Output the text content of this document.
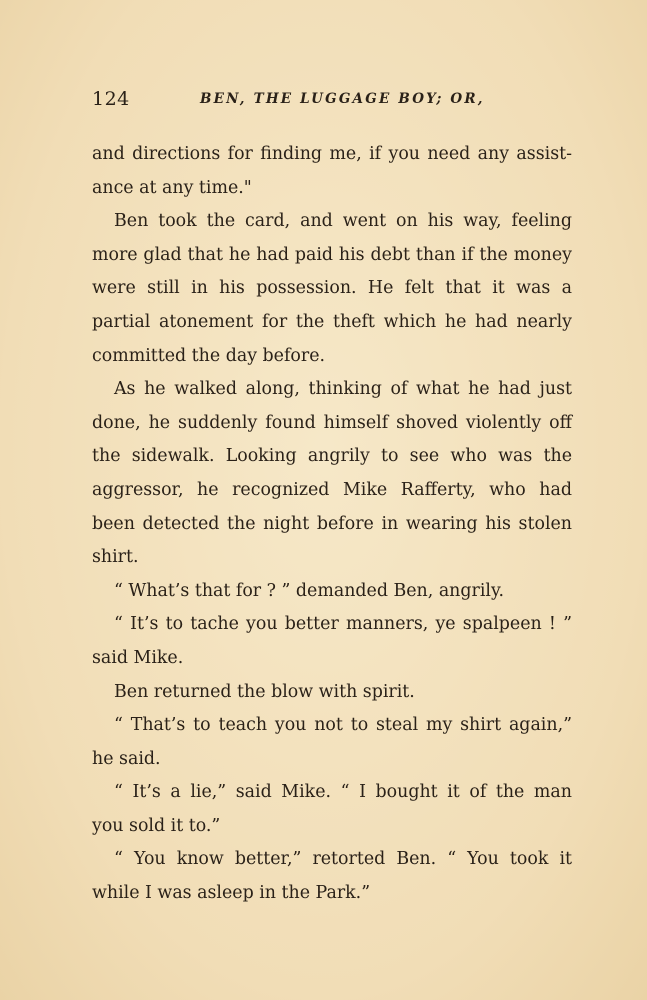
124	BEN, THE LUGGAGE BOY; OR,
and directions for finding me, if you need any assist-
ance at any time."
Ben took the card, and went on his way, feeling
more glad that he had paid his debt than if the money
were still in his possession. He felt that it was a
partial atonement for the theft which he had nearly
committed the day before.
As he walked along, thinking of what he had just
done, he suddenly found himself shoved violently off
the sidewalk. Looking angrily to see who was the
aggressor, he recognized Mike Rafferty, who had
been detected the night before in wearing his stolen
shirt.
“ What’s that for ? ” demanded Ben, angrily.
“ It’s to tache you better manners, ye spalpeen ! ”
said Mike.
Ben returned the blow with spirit.
“ That’s to teach you not to steal my shirt again,”
he said.
“ It’s a lie,” said Mike. “ I bought it of the man
you sold it to.”
“ You know better,” retorted Ben. “ You took it
while I was asleep in the Park.”
